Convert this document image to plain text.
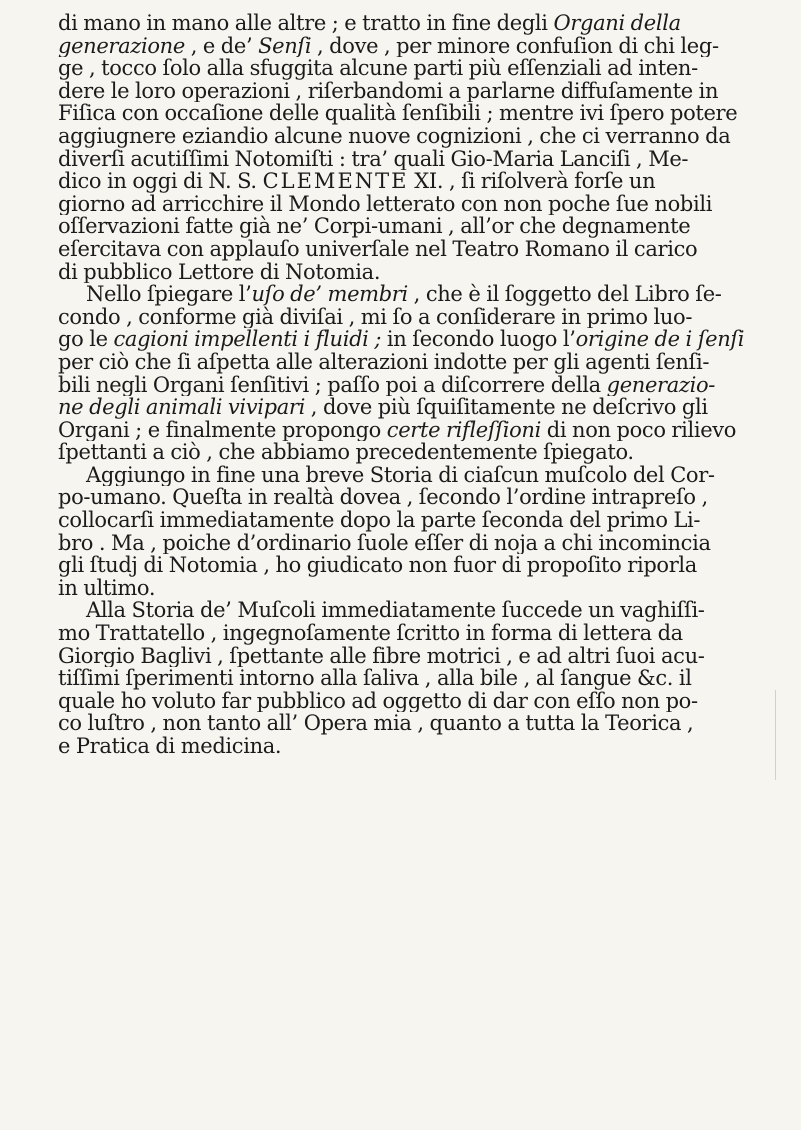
di mano in mano alle altre ; e tratto in fine degli Organi della
generazione , e de’ Senſi , dove , per minore confuſion di chi leg-
ge , tocco ſolo alla sfuggita alcune parti più eſſenziali ad inten-
dere le loro operazioni , riſerbandomi a parlarne diffuſamente in
Fiſica con occaſione delle qualità ſenſibili ; mentre ivi ſpero potere
aggiugnere eziandio alcune nuove cognizioni , che ci verranno da
diverſi acutiſſimi Notomiſti : tra’ quali Gio-Maria Lanciſi , Me-
dico in oggi di N. S. CLEMENTE XI. , ſi riſolverà forſe un
giorno ad arricchire il Mondo letterato con non poche ſue nobili
oſſervazioni fatte già ne’ Corpi-umani , all’or che degnamente
eſercitava con applauſo univerſale nel Teatro Romano il carico
di pubblico Lettore di Notomia.
Nello ſpiegare l’uſo de’ membri , che è il ſoggetto del Libro ſe-
condo , conforme già diviſai , mi ſo a conſiderare in primo luo-
go le cagioni impellenti i fluidi ; in ſecondo luogo l’origine de i ſenſi
per ciò che ſi aſpetta alle alterazioni indotte per gli agenti ſenſi-
bili negli Organi ſenſitivi ; paſſo poi a diſcorrere della generazio-
ne degli animali vivipari , dove più ſquiſitamente ne deſcrivo gli
Organi ; e finalmente propongo certe rifleſſioni di non poco rilievo
ſpettanti a ciò , che abbiamo precedentemente ſpiegato.
Aggiungo in fine una breve Storia di ciaſcun muſcolo del Cor-
po-umano. Queſta in realtà dovea , ſecondo l’ordine intrapreſo ,
collocarſi immediatamente dopo la parte ſeconda del primo Li-
bro . Ma , poiche d’ordinario ſuole eſſer di noja a chi incomincia
gli ſtudj di Notomia , ho giudicato non fuor di propoſito riporla
in ultimo.
Alla Storia de’ Muſcoli immediatamente ſuccede un vaghiſſi-
mo Trattatello , ingegnoſamente ſcritto in forma di lettera da
Giorgio Baglivi , ſpettante alle fibre motrici , e ad altri ſuoi acu-
tiſſimi ſperimenti intorno alla ſaliva , alla bile , al ſangue &c. il
quale ho voluto far pubblico ad oggetto di dar con eſſo non po-
co luſtro , non tanto all’ Opera mia , quanto a tutta la Teorica ,
e Pratica di medicina.
